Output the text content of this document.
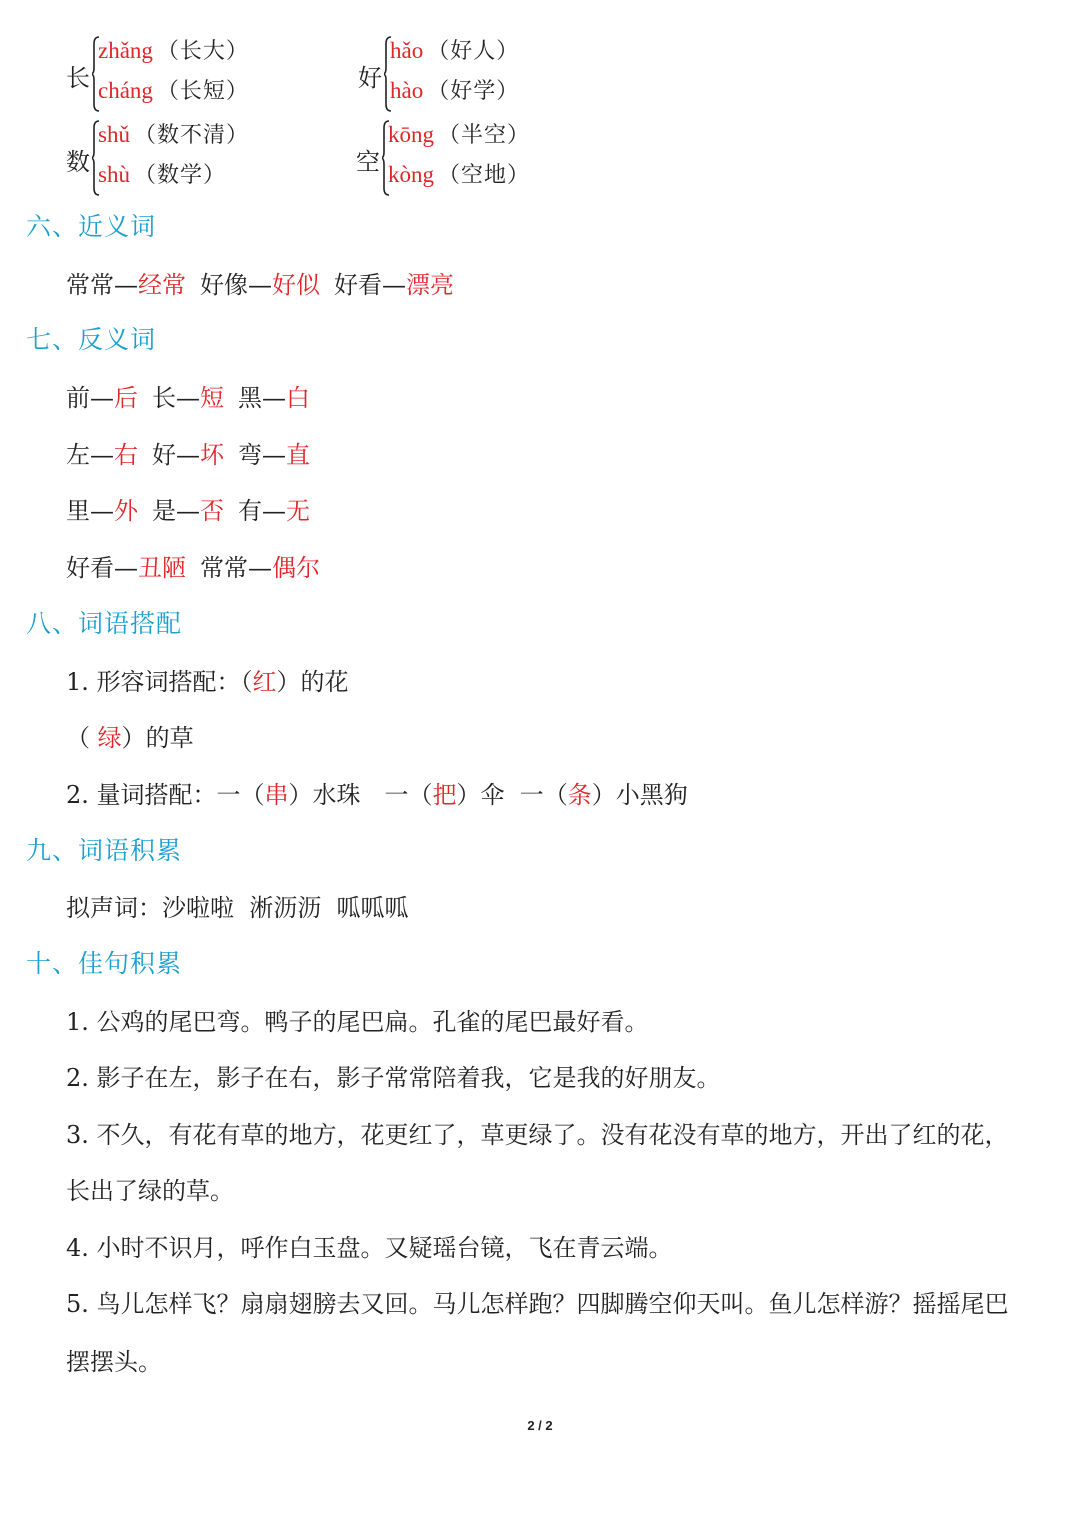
长
zhǎng （长大）
cháng （长短）	好
hǎo （好人）
hào （好学）
数
shǔ （数不清）
shù （数学）	空
kōng （半空）
kòng （空地）
六、近义词
常常—经常 好像—好似 好看—漂亮
七、反义词
前—后 长—短 黑—白
左—右 好—坏 弯—直
里—外 是—否 有—无
好看—丑陋 常常—偶尔
八、词语搭配
1. 形容词搭配：（红）的花
（ 绿）的草
2. 量词搭配：一（串）水珠　一（把）伞  一（条）小黑狗
九、词语积累
拟声词：沙啦啦  淅沥沥  呱呱呱
十、佳句积累
1. 公鸡的尾巴弯。鸭子的尾巴扁。孔雀的尾巴最好看。
2. 影子在左，影子在右，影子常常陪着我，它是我的好朋友。
3. 不久，有花有草的地方，花更红了，草更绿了。没有花没有草的地方，开出了红的花，
长出了绿的草。
4. 小时不识月，呼作白玉盘。又疑瑶台镜，飞在青云端。
5. 鸟儿怎样飞？扇扇翅膀去又回。马儿怎样跑？四脚腾空仰天叫。鱼儿怎样游？摇摇尾巴
摆摆头。
2 / 2
